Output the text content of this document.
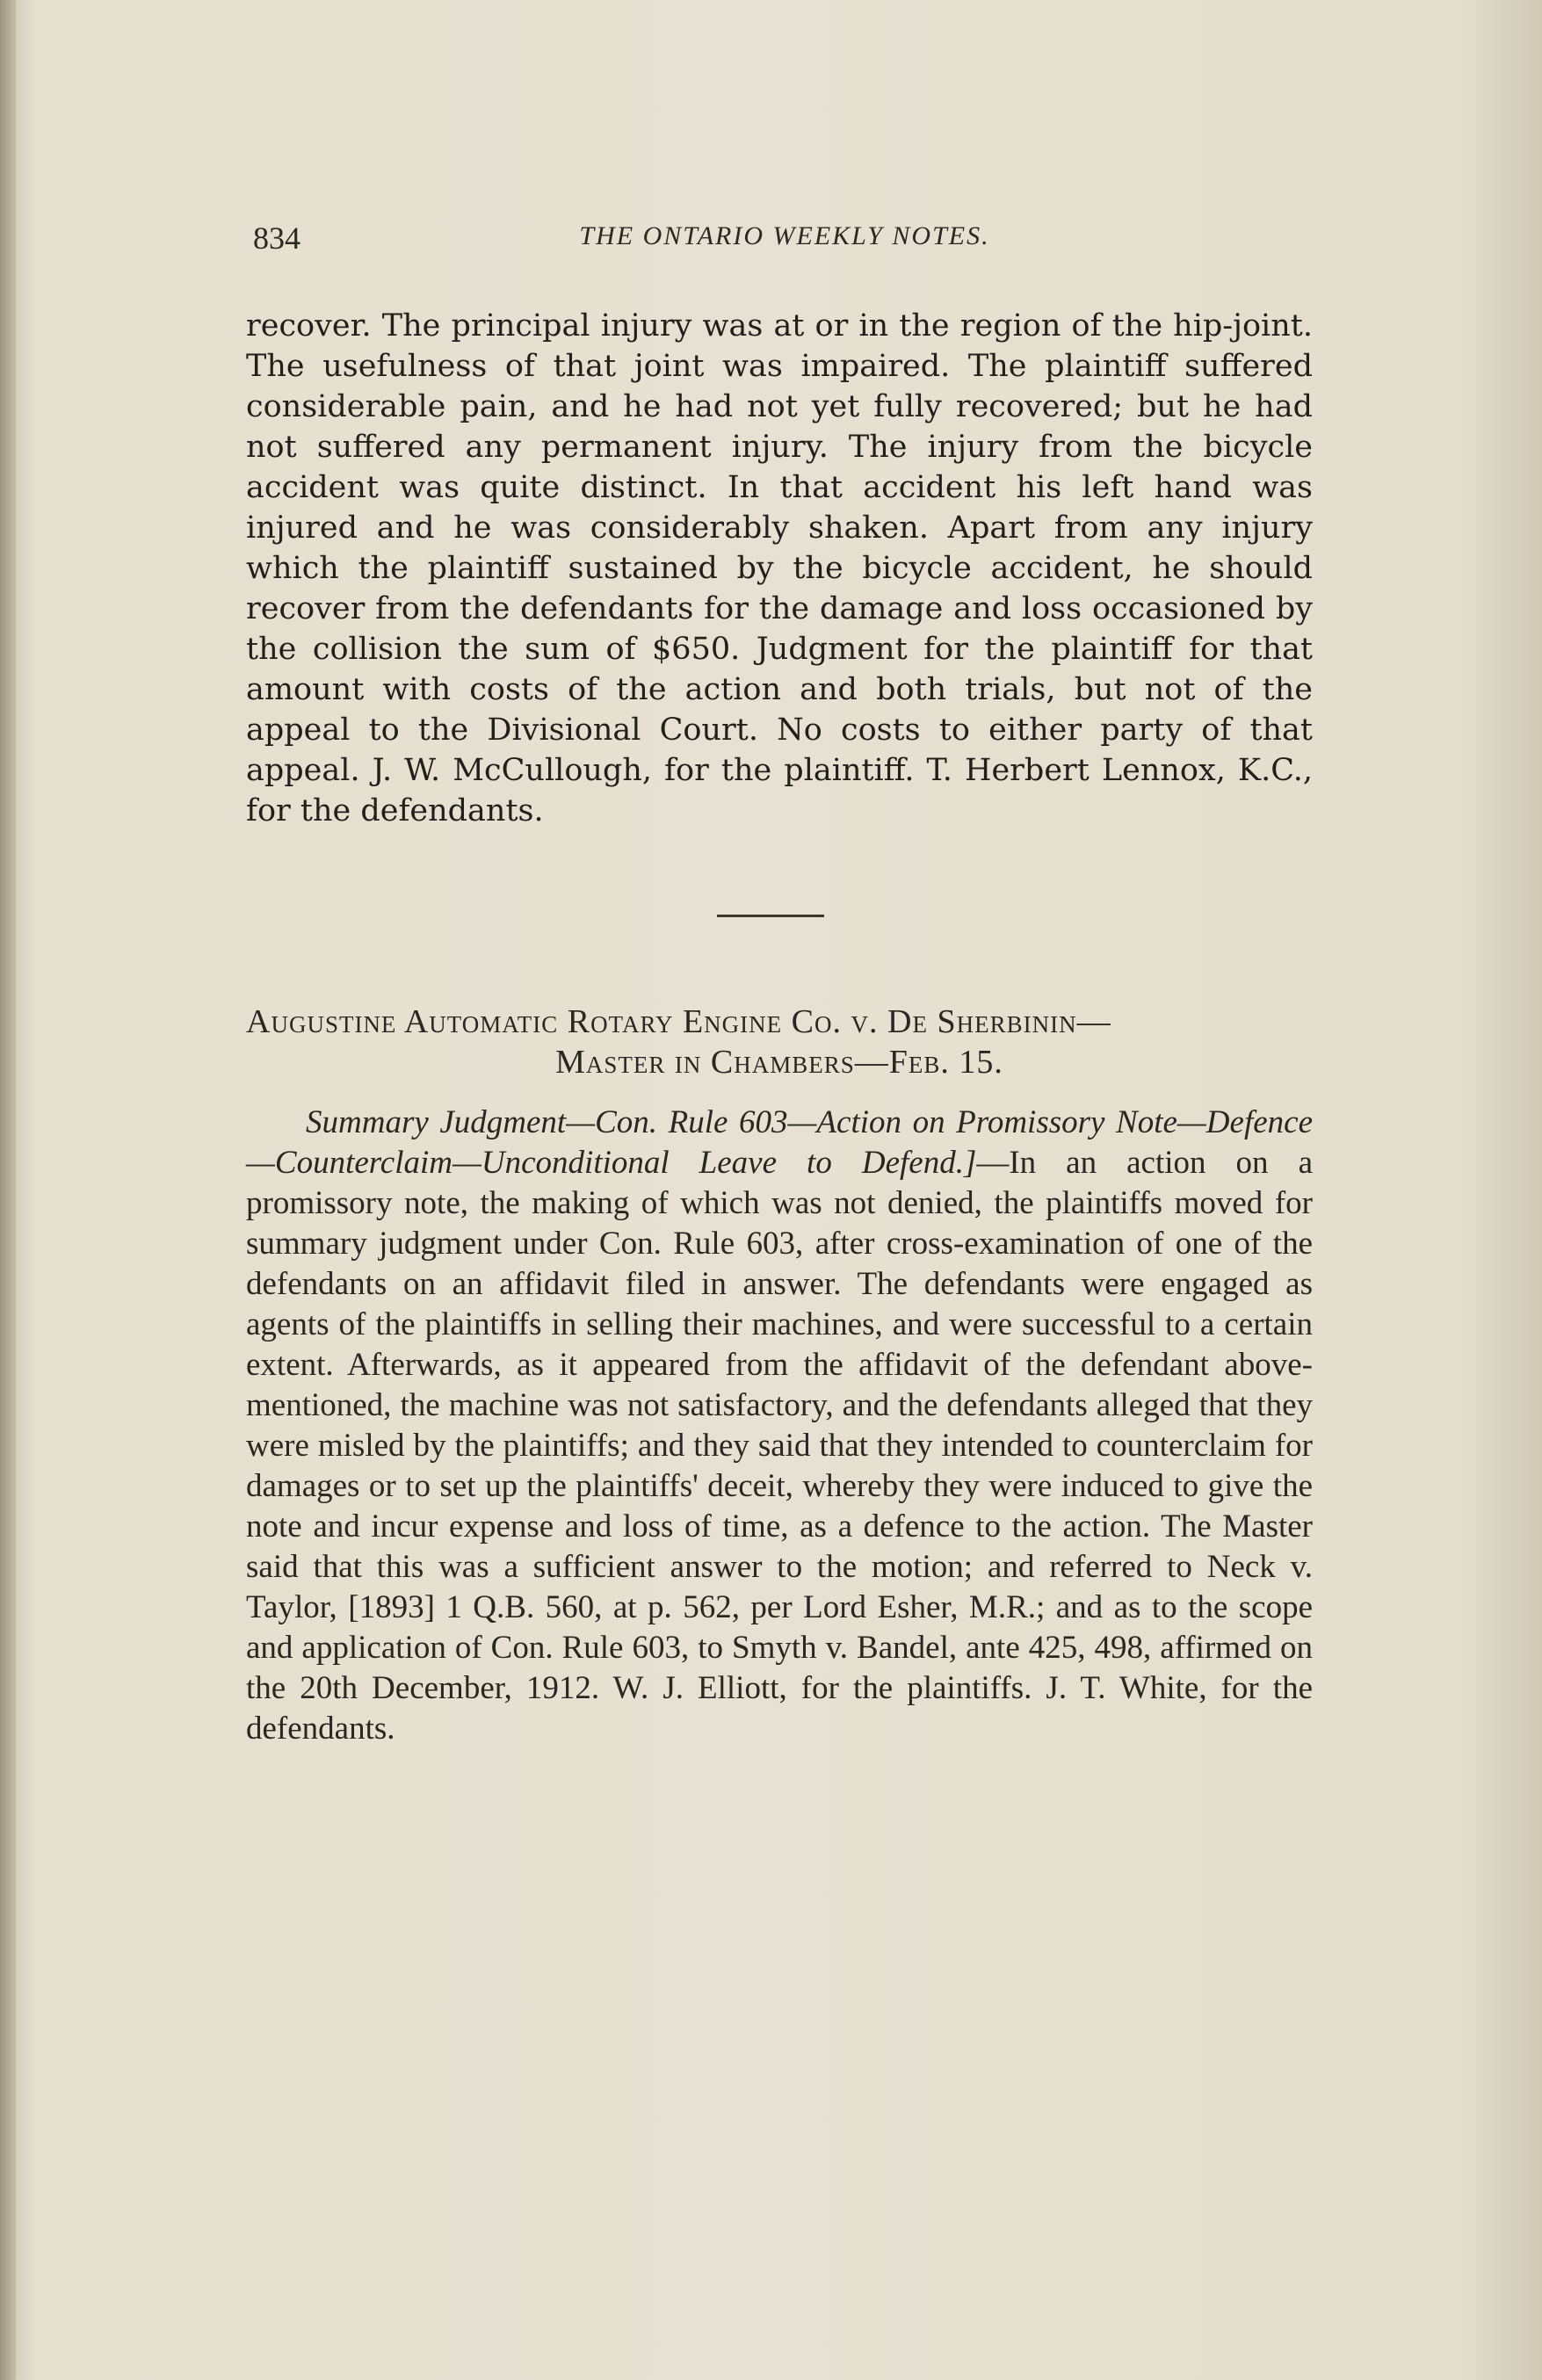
834	THE ONTARIO WEEKLY NOTES.

recover. The principal injury was at or in the region of the hip-joint. The usefulness of that joint was impaired. The plaintiff suffered considerable pain, and he had not yet fully recovered; but he had not suffered any permanent injury. The injury from the bicycle accident was quite distinct. In that accident his left hand was injured and he was considerably shaken. Apart from any injury which the plaintiff sustained by the bicycle accident, he should recover from the defendants for the damage and loss occasioned by the collision the sum of $650. Judgment for the plaintiff for that amount with costs of the action and both trials, but not of the appeal to the Divisional Court. No costs to either party of that appeal. J. W. McCullough, for the plaintiff. T. Herbert Lennox, K.C., for the defendants.

Augustine Automatic Rotary Engine Co. v. De Sherbinin—
Master in Chambers—Feb. 15.

Summary Judgment—Con. Rule 603—Action on Promissory Note—Defence—Counterclaim—Unconditional Leave to Defend.]—In an action on a promissory note, the making of which was not denied, the plaintiffs moved for summary judgment under Con. Rule 603, after cross-examination of one of the defendants on an affidavit filed in answer. The defendants were engaged as agents of the plaintiffs in selling their machines, and were successful to a certain extent. Afterwards, as it appeared from the affidavit of the defendant above-mentioned, the machine was not satisfactory, and the defendants alleged that they were misled by the plaintiffs; and they said that they intended to counterclaim for damages or to set up the plaintiffs' deceit, whereby they were induced to give the note and incur expense and loss of time, as a defence to the action. The Master said that this was a sufficient answer to the motion; and referred to Neck v. Taylor, [1893] 1 Q.B. 560, at p. 562, per Lord Esher, M.R.; and as to the scope and application of Con. Rule 603, to Smyth v. Bandel, ante 425, 498, affirmed on the 20th December, 1912. W. J. Elliott, for the plaintiffs. J. T. White, for the defendants.
